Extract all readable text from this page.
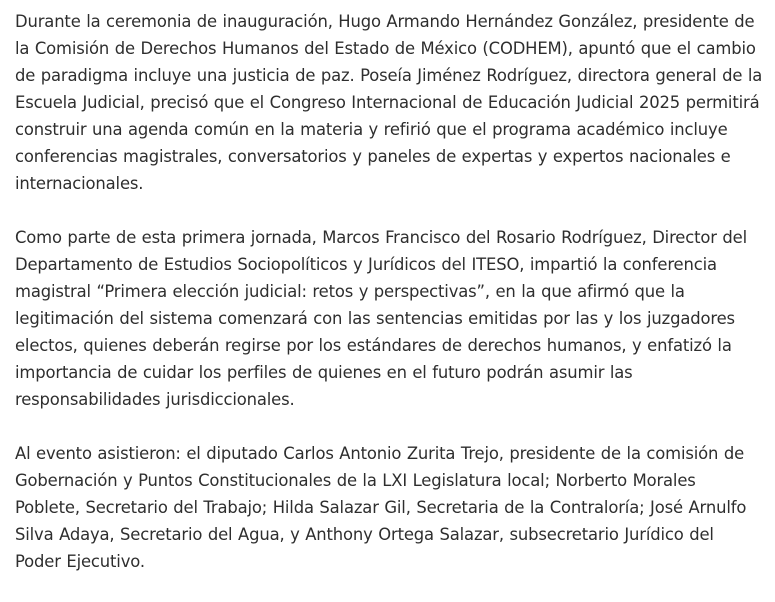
Durante la ceremonia de inauguración, Hugo Armando Hernández González, presidente de la Comisión de Derechos Humanos del Estado de México (CODHEM), apuntó que el cambio de paradigma incluye una justicia de paz. Poseía Jiménez Rodríguez, directora general de la Escuela Judicial, precisó que el Congreso Internacional de Educación Judicial 2025 permitirá construir una agenda común en la materia y refirió que el programa académico incluye conferencias magistrales, conversatorios y paneles de expertas y expertos nacionales e internacionales.

Como parte de esta primera jornada, Marcos Francisco del Rosario Rodríguez, Director del Departamento de Estudios Sociopolíticos y Jurídicos del ITESO, impartió la conferencia magistral “Primera elección judicial: retos y perspectivas”, en la que afirmó que la legitimación del sistema comenzará con las sentencias emitidas por las y los juzgadores electos, quienes deberán regirse por los estándares de derechos humanos, y enfatizó la importancia de cuidar los perfiles de quienes en el futuro podrán asumir las responsabilidades jurisdiccionales.

Al evento asistieron: el diputado Carlos Antonio Zurita Trejo, presidente de la comisión de Gobernación y Puntos Constitucionales de la LXI Legislatura local; Norberto Morales Poblete, Secretario del Trabajo; Hilda Salazar Gil, Secretaria de la Contraloría; José Arnulfo Silva Adaya, Secretario del Agua, y Anthony Ortega Salazar, subsecretario Jurídico del Poder Ejecutivo.
